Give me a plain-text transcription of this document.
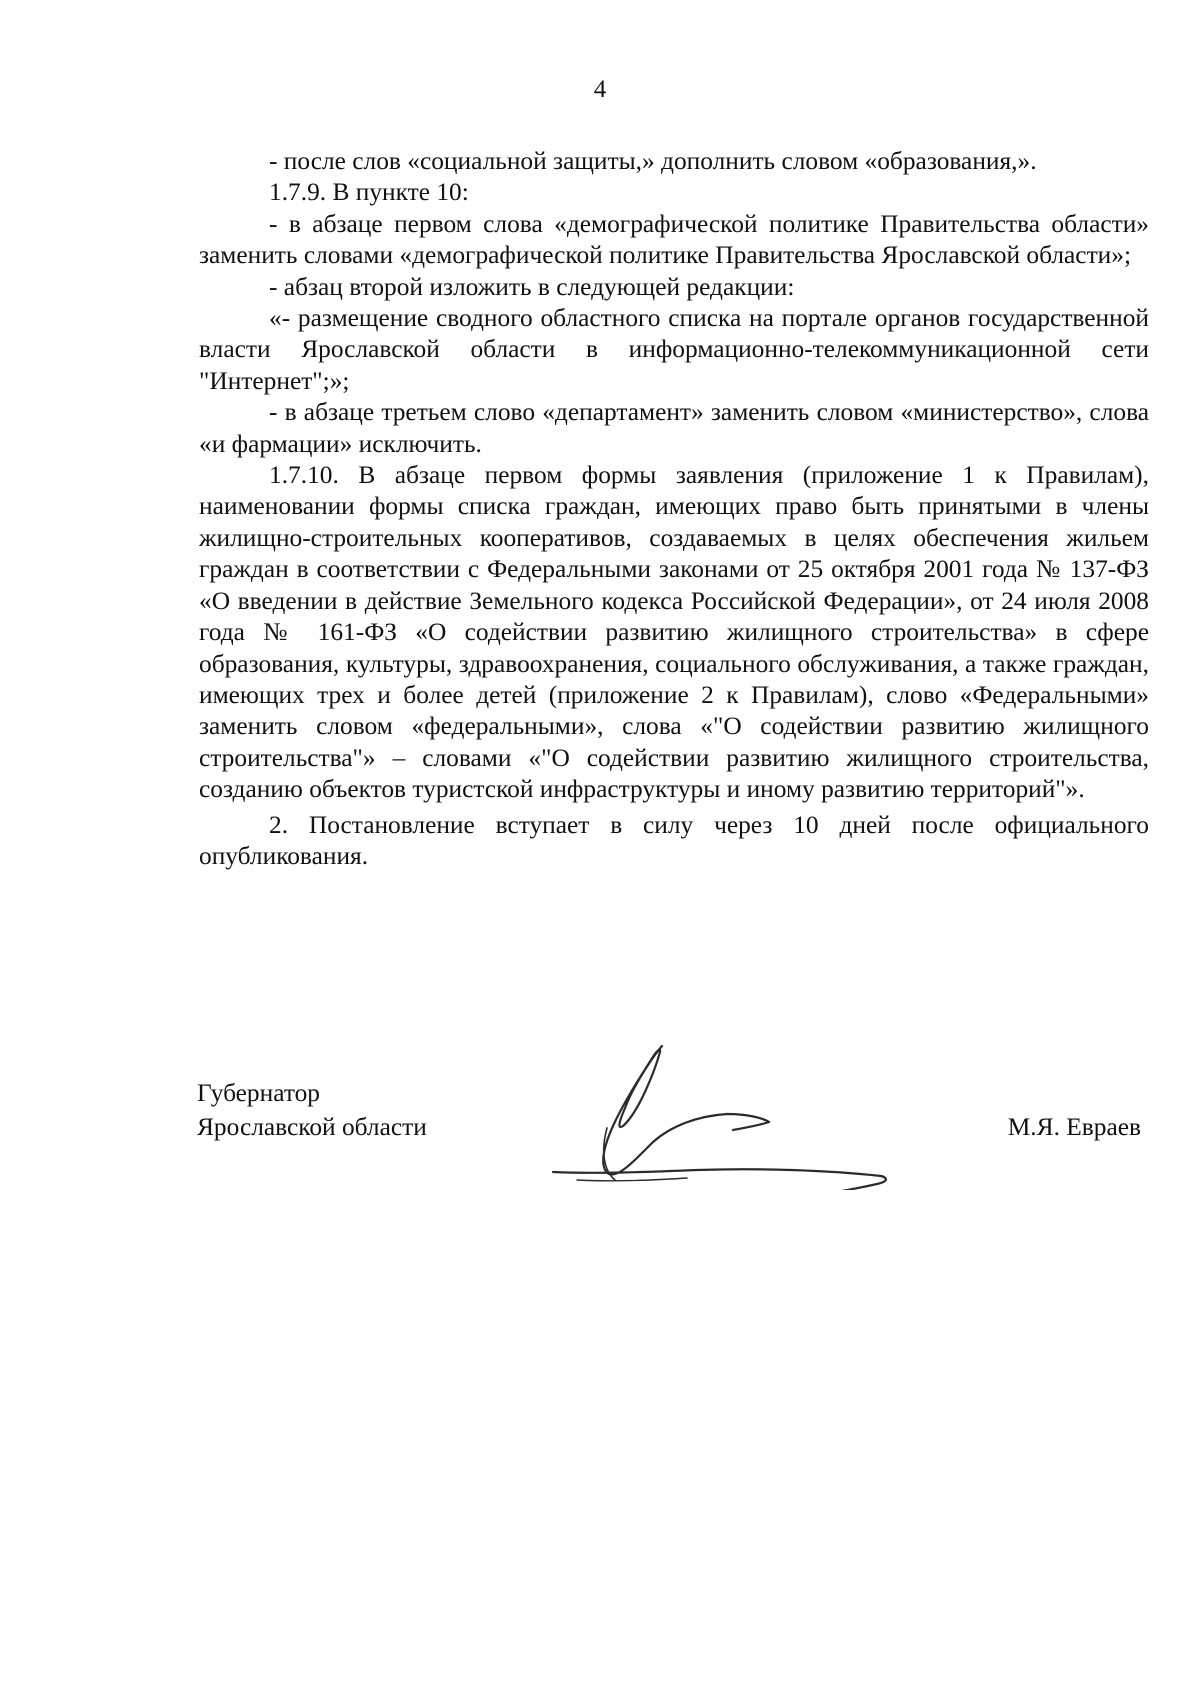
4

- после слов «социальной защиты,» дополнить словом «образования,».

1.7.9. В пункте 10:

- в абзаце первом слова «демографической политике Правительства области» заменить словами «демографической политике Правительства Ярославской области»;

- абзац второй изложить в следующей редакции:

«- размещение сводного областного списка на портале органов государственной власти Ярославской области в информационно-телекоммуникационной сети "Интернет";»;

- в абзаце третьем слово «департамент» заменить словом «министерство», слова «и фармации» исключить.

1.7.10. В абзаце первом формы заявления (приложение 1 к Правилам), наименовании формы списка граждан, имеющих право быть принятыми в члены жилищно-строительных кооперативов, создаваемых в целях обеспечения жильем граждан в соответствии с Федеральными законами от 25 октября 2001 года № 137-ФЗ «О введении в действие Земельного кодекса Российской Федерации», от 24 июля 2008 года № 161-ФЗ «О содействии развитию жилищного строительства» в сфере образования, культуры, здравоохранения, социального обслуживания, а также граждан, имеющих трех и более детей (приложение 2 к Правилам), слово «Федеральными» заменить словом «федеральными», слова «"О содействии развитию жилищного строительства"» – словами «"О содействии развитию жилищного строительства, созданию объектов туристской инфраструктуры и иному развитию территорий"».

2. Постановление вступает в силу через 10 дней после официального опубликования.

Губернатор
Ярославской области	М.Я. Евраев
